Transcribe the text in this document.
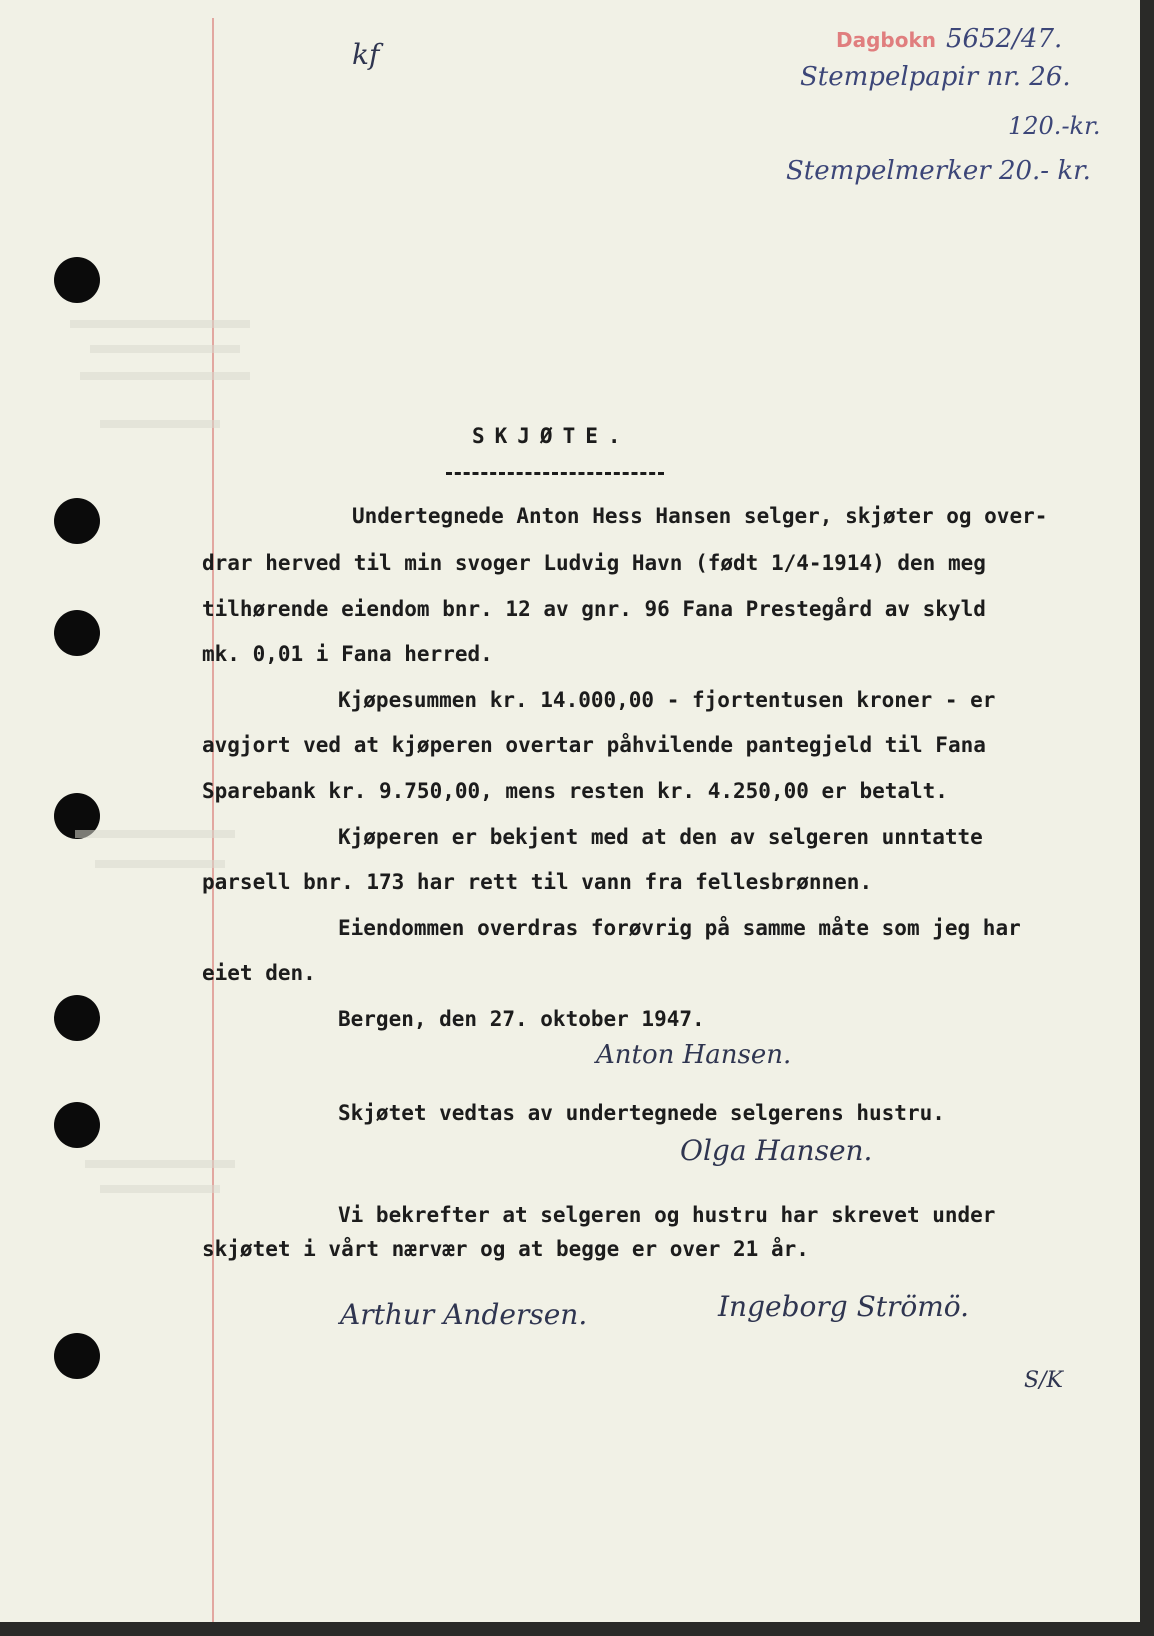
kf	Dagbokn 5652/47.
Stempelpapir nr. 26.
120.-kr.
Stempelmerker 20.- kr.
SKJØTE.
Undertegnede Anton Hess Hansen selger, skjøter og over-
drar herved til min svoger Ludvig Havn (født 1/4-1914) den meg
tilhørende eiendom bnr. 12 av gnr. 96 Fana Prestegård av skyld
mk. 0,01 i Fana herred.
Kjøpesummen kr. 14.000,00 - fjortentusen kroner - er
avgjort ved at kjøperen overtar påhvilende pantegjeld til Fana
Sparebank kr. 9.750,00, mens resten kr. 4.250,00 er betalt.
Kjøperen er bekjent med at den av selgeren unntatte
parsell bnr. 173 har rett til vann fra fellesbrønnen.
Eiendommen overdras forøvrig på samme måte som jeg har
eiet den.
Bergen, den 27. oktober 1947.
Anton Hansen.
Skjøtet vedtas av undertegnede selgerens hustru.
Olga Hansen.
Vi bekrefter at selgeren og hustru har skrevet under
skjøtet i vårt nærvær og at begge er over 21 år.
Arthur Andersen.	Ingeborg Strömö.
S/K
